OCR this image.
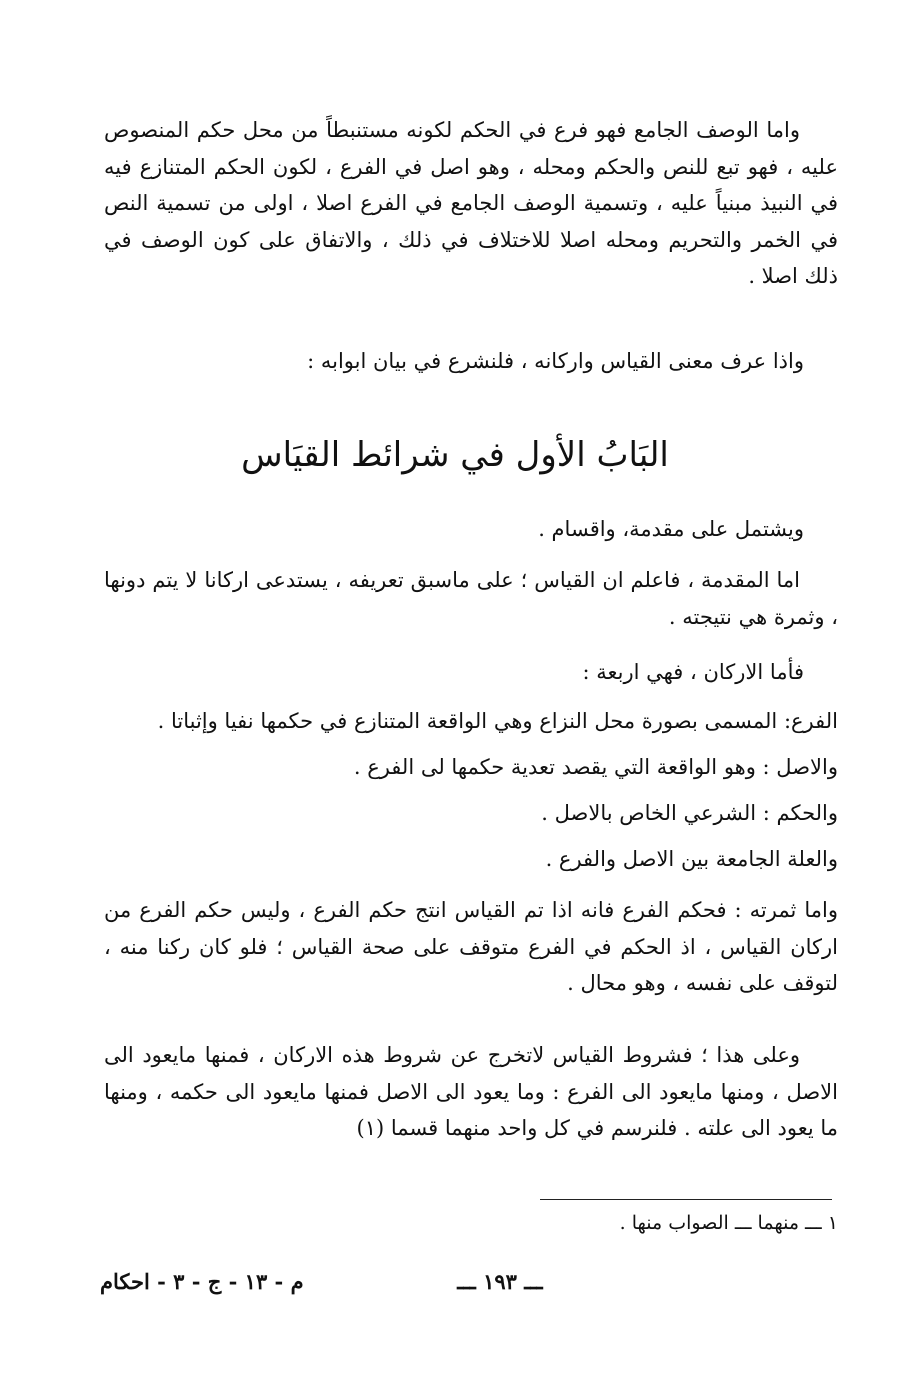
واما الوصف الجامع فهو فرع في الحكم لكونه مستنبطاً من محل حكم المنصوص عليه ، فهو تبع للنص والحكم ومحله ، وهو اصل في الفرع ، لكون الحكم المتنازع فيه في النبيذ مبنياً عليه ، وتسمية الوصف الجامع في الفرع اصلا ، اولى من تسمية النص في الخمر والتحريم ومحله اصلا للاختلاف في ذلك ، والاتفاق على كون الوصف في ذلك اصلا .

واذا عرف معنى القياس واركانه ، فلنشرع في بيان ابوابه :

البَابُ الأول في شرائط القيَاس

ويشتمل على مقدمة، واقسام .

اما المقدمة ، فاعلم ان القياس ؛ على ماسبق تعريفه ، يستدعى اركانا لا يتم دونها ، وثمرة هي نتيجته .

فأما الاركان ، فهي اربعة :

الفرع: المسمى بصورة محل النزاع وهي الواقعة المتنازع في حكمها نفيا وإثباتا .

والاصل : وهو الواقعة التي يقصد تعدية حكمها لى الفرع .

والحكم : الشرعي الخاص بالاصل .

والعلة الجامعة بين الاصل والفرع .

واما ثمرته : فحكم الفرع فانه اذا تم القياس انتج حكم الفرع ، وليس حكم الفرع من اركان القياس ، اذ الحكم في الفرع متوقف على صحة القياس ؛ فلو كان ركنا منه ، لتوقف على نفسه ، وهو محال .

وعلى هذا ؛ فشروط القياس لاتخرج عن شروط هذه الاركان ، فمنها مايعود الى الاصل ، ومنها مايعود الى الفرع : وما يعود الى الاصل فمنها مايعود الى حكمه ، ومنها ما يعود الى علته . فلنرسم في كل واحد منهما قسما (١)

١ ـــ منهما ـــ الصواب منها .

ـــ ١٩٣ ـــ
م - ١٣ - ج - ٣ - احكام
